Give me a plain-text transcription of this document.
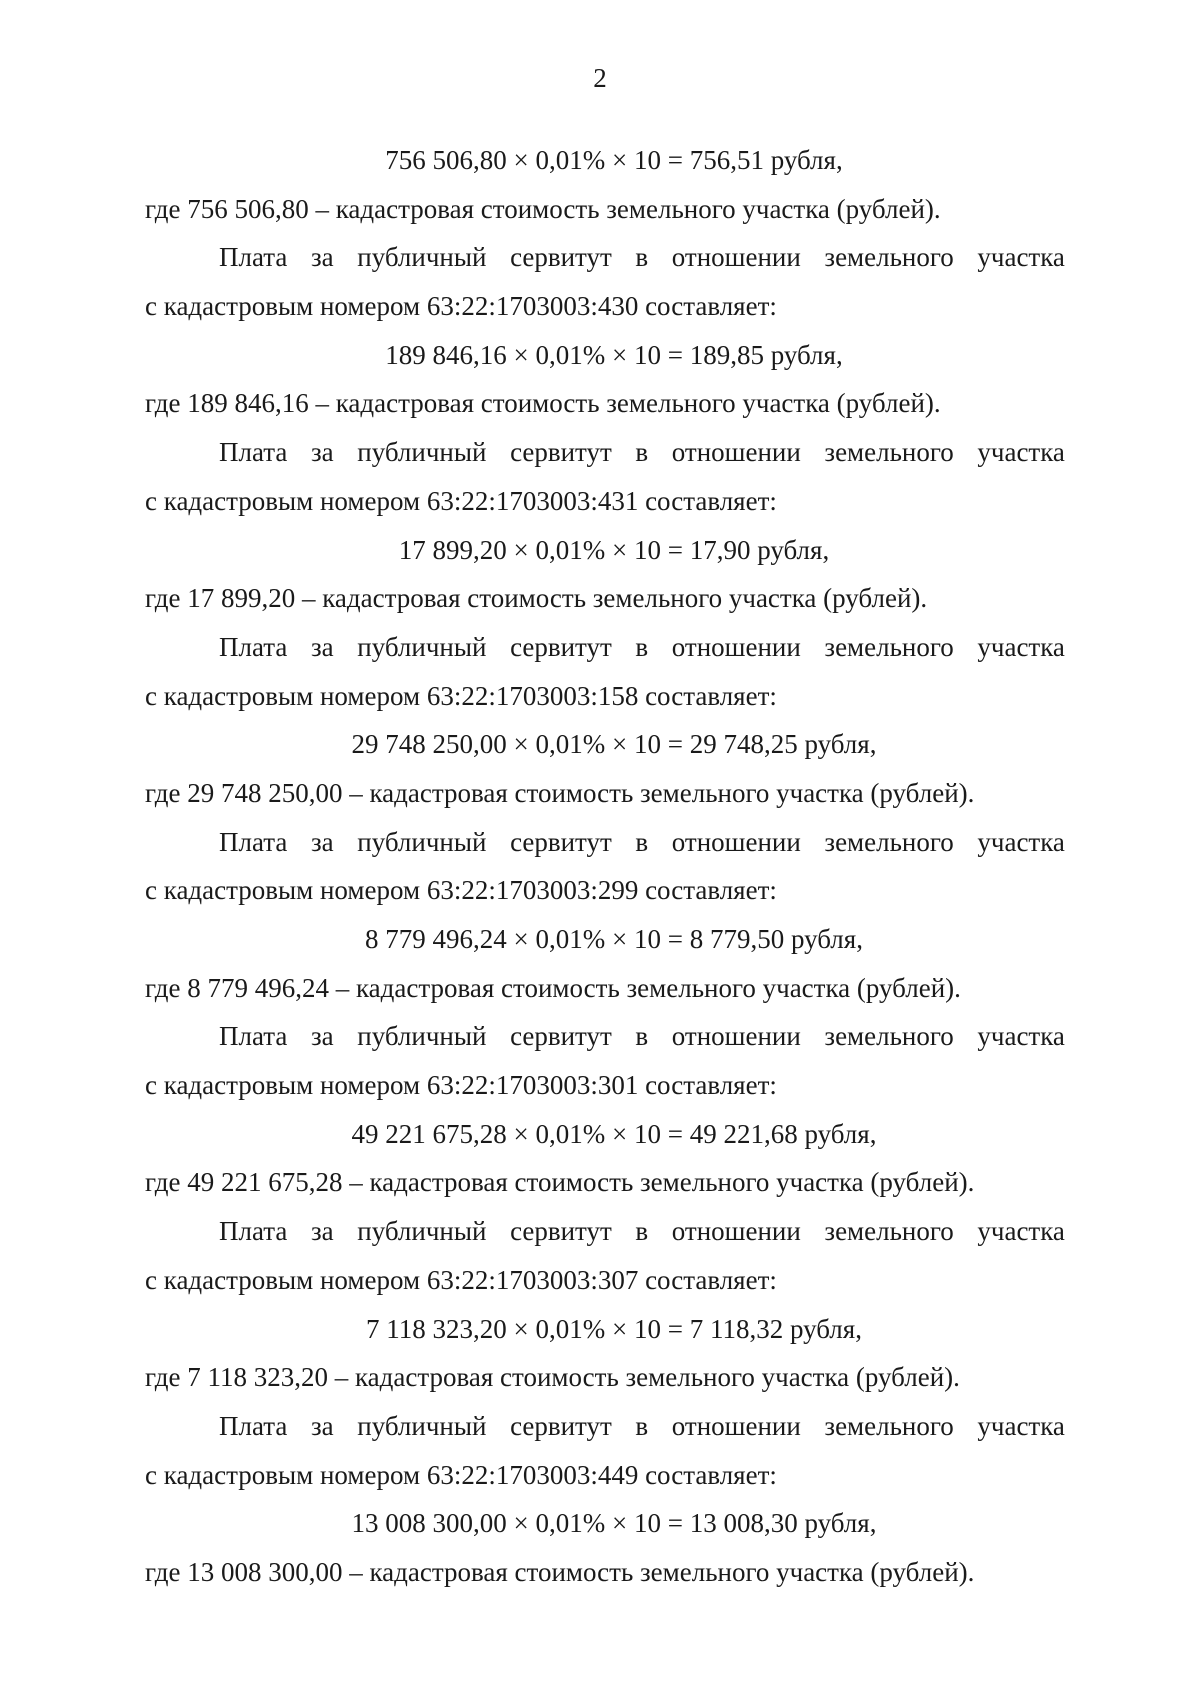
2
756 506,80 × 0,01% × 10 = 756,51 рубля,
где 756 506,80 – кадастровая стоимость земельного участка (рублей).
Плата за публичный сервитут в отношении земельного участка
с кадастровым номером 63:22:1703003:430 составляет:
189 846,16 × 0,01% × 10 = 189,85 рубля,
где 189 846,16 – кадастровая стоимость земельного участка (рублей).
Плата за публичный сервитут в отношении земельного участка
с кадастровым номером 63:22:1703003:431 составляет:
17 899,20 × 0,01% × 10 = 17,90 рубля,
где 17 899,20 – кадастровая стоимость земельного участка (рублей).
Плата за публичный сервитут в отношении земельного участка
с кадастровым номером 63:22:1703003:158 составляет:
29 748 250,00 × 0,01% × 10 = 29 748,25 рубля,
где 29 748 250,00 – кадастровая стоимость земельного участка (рублей).
Плата за публичный сервитут в отношении земельного участка
с кадастровым номером 63:22:1703003:299 составляет:
8 779 496,24 × 0,01% × 10 = 8 779,50 рубля,
где 8 779 496,24 – кадастровая стоимость земельного участка (рублей).
Плата за публичный сервитут в отношении земельного участка
с кадастровым номером 63:22:1703003:301 составляет:
49 221 675,28 × 0,01% × 10 = 49 221,68 рубля,
где 49 221 675,28 – кадастровая стоимость земельного участка (рублей).
Плата за публичный сервитут в отношении земельного участка
с кадастровым номером 63:22:1703003:307 составляет:
7 118 323,20 × 0,01% × 10 = 7 118,32 рубля,
где 7 118 323,20 – кадастровая стоимость земельного участка (рублей).
Плата за публичный сервитут в отношении земельного участка
с кадастровым номером 63:22:1703003:449 составляет:
13 008 300,00 × 0,01% × 10 = 13 008,30 рубля,
где 13 008 300,00 – кадастровая стоимость земельного участка (рублей).
